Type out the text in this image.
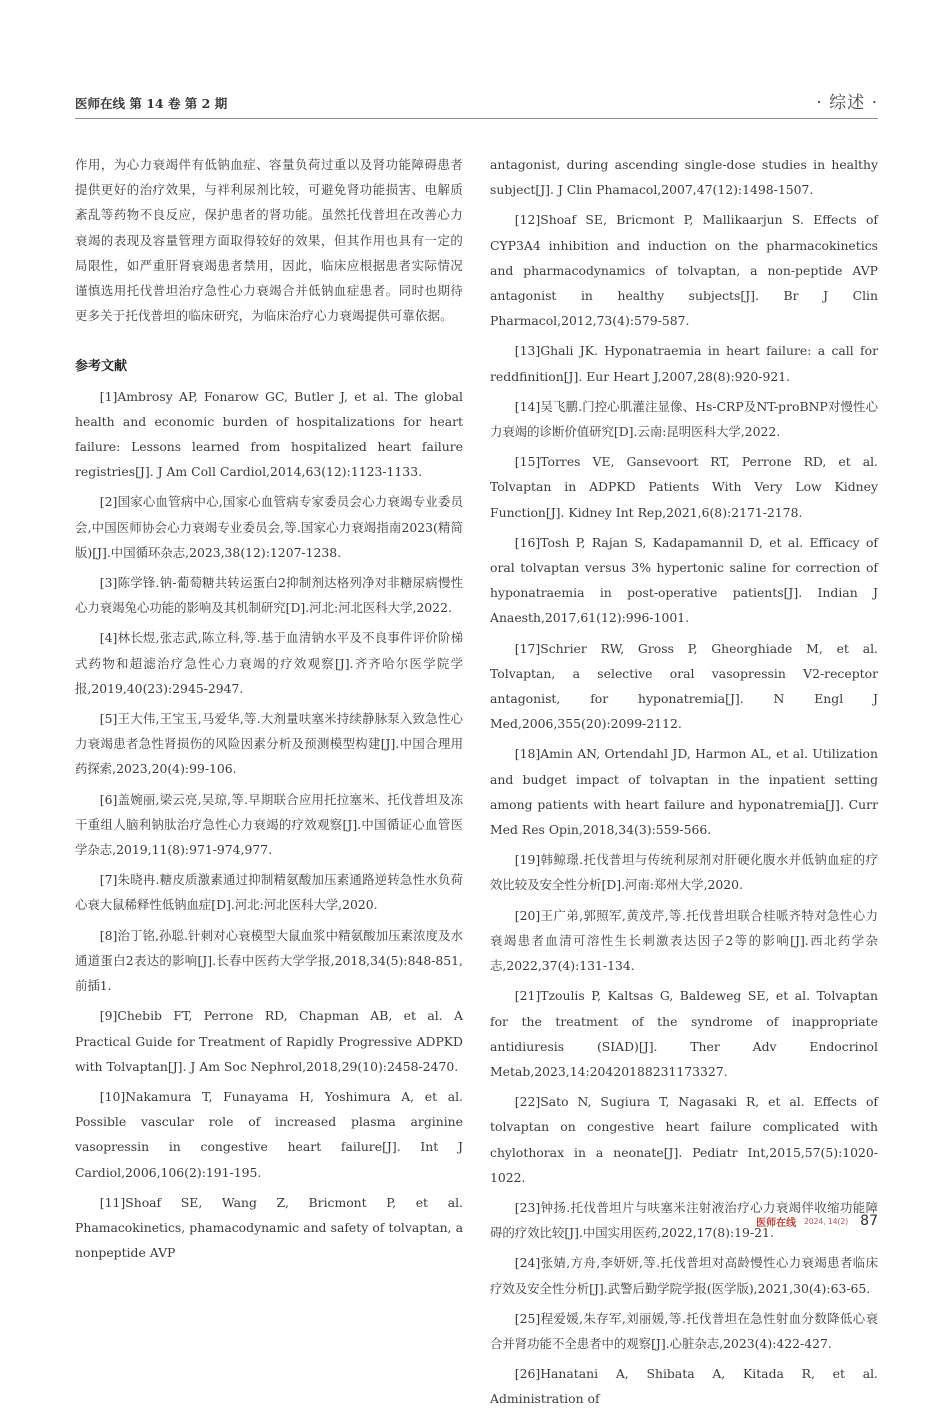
医师在线 第 14 卷 第 2 期	· 综述 ·

作用，为心力衰竭伴有低钠血症、容量负荷过重以及肾功能障碍患者提供更好的治疗效果，与袢利尿剂比较，可避免肾功能损害、电解质紊乱等药物不良反应，保护患者的肾功能。虽然托伐普坦在改善心力衰竭的表现及容量管理方面取得较好的效果，但其作用也具有一定的局限性，如严重肝肾衰竭患者禁用，因此，临床应根据患者实际情况谨慎选用托伐普坦治疗急性心力衰竭合并低钠血症患者。同时也期待更多关于托伐普坦的临床研究，为临床治疗心力衰竭提供可靠依据。

参考文献

[1]Ambrosy AP, Fonarow GC, Butler J, et al. The global health and economic burden of hospitalizations for heart failure: Lessons learned from hospitalized heart failure registries[J]. J Am Coll Cardiol,2014,63(12):1123-1133.

[2]国家心血管病中心,国家心血管病专家委员会心力衰竭专业委员会,中国医师协会心力衰竭专业委员会,等.国家心力衰竭指南2023(精简版)[J].中国循环杂志,2023,38(12):1207-1238.

[3]陈学锋.钠-葡萄糖共转运蛋白2抑制剂达格列净对非糖尿病慢性心力衰竭兔心功能的影响及其机制研究[D].河北:河北医科大学,2022.

[4]林长煜,张志武,陈立科,等.基于血清钠水平及不良事件评价阶梯式药物和超滤治疗急性心力衰竭的疗效观察[J].齐齐哈尔医学院学报,2019,40(23):2945-2947.

[5]王大伟,王宝玉,马爱华,等.大剂量呋塞米持续静脉泵入致急性心力衰竭患者急性肾损伤的风险因素分析及预测模型构建[J].中国合理用药探索,2023,20(4):99-106.

[6]盖婉丽,梁云亮,吴琼,等.早期联合应用托拉塞米、托伐普坦及冻干重组人脑利钠肽治疗急性心力衰竭的疗效观察[J].中国循证心血管医学杂志,2019,11(8):971-974,977.

[7]朱晓冉.糖皮质激素通过抑制精氨酸加压素通路逆转急性水负荷心衰大鼠稀释性低钠血症[D].河北:河北医科大学,2020.

[8]治丁铭,孙聪.针刺对心衰模型大鼠血浆中精氨酸加压素浓度及水通道蛋白2表达的影响[J].长春中医药大学学报,2018,34(5):848-851,前插1.

[9]Chebib FT, Perrone RD, Chapman AB, et al. A Practical Guide for Treatment of Rapidly Progressive ADPKD with Tolvaptan[J]. J Am Soc Nephrol,2018,29(10):2458-2470.

[10]Nakamura T, Funayama H, Yoshimura A, et al. Possible vascular role of increased plasma arginine vasopressin in congestive heart failure[J]. Int J Cardiol,2006,106(2):191-195.

[11]Shoaf SE, Wang Z, Bricmont P, et al. Phamacokinetics, phamacodynamic and safety of tolvaptan, a nonpeptide AVP

antagonist, during ascending single-dose studies in healthy subject[J]. J Clin Phamacol,2007,47(12):1498-1507.

[12]Shoaf SE, Bricmont P, Mallikaarjun S. Effects of CYP3A4 inhibition and induction on the pharmacokinetics and pharmacodynamics of tolvaptan, a non-peptide AVP antagonist in healthy subjects[J]. Br J Clin Pharmacol,2012,73(4):579-587.

[13]Ghali JK. Hyponatraemia in heart failure: a call for reddfinition[J]. Eur Heart J,2007,28(8):920-921.

[14]吴飞鹏.门控心肌灌注显像、Hs-CRP及NT-proBNP对慢性心力衰竭的诊断价值研究[D].云南:昆明医科大学,2022.

[15]Torres VE, Gansevoort RT, Perrone RD, et al. Tolvaptan in ADPKD Patients With Very Low Kidney Function[J]. Kidney Int Rep,2021,6(8):2171-2178.

[16]Tosh P, Rajan S, Kadapamannil D, et al. Efficacy of oral tolvaptan versus 3% hypertonic saline for correction of hyponatraemia in post-operative patients[J]. Indian J Anaesth,2017,61(12):996-1001.

[17]Schrier RW, Gross P, Gheorghiade M, et al. Tolvaptan, a selective oral vasopressin V2-receptor antagonist, for hyponatremia[J]. N Engl J Med,2006,355(20):2099-2112.

[18]Amin AN, Ortendahl JD, Harmon AL, et al. Utilization and budget impact of tolvaptan in the inpatient setting among patients with heart failure and hyponatremia[J]. Curr Med Res Opin,2018,34(3):559-566.

[19]韩鲸璟.托伐普坦与传统利尿剂对肝硬化腹水并低钠血症的疗效比较及安全性分析[D].河南:郑州大学,2020.

[20]王广弟,郭照军,黄茂芹,等.托伐普坦联合桂哌齐特对急性心力衰竭患者血清可溶性生长刺激表达因子2等的影响[J].西北药学杂志,2022,37(4):131-134.

[21]Tzoulis P, Kaltsas G, Baldeweg SE, et al. Tolvaptan for the treatment of the syndrome of inappropriate antidiuresis (SIAD)[J]. Ther Adv Endocrinol Metab,2023,14:20420188231173327.

[22]Sato N, Sugiura T, Nagasaki R, et al. Effects of tolvaptan on congestive heart failure complicated with chylothorax in a neonate[J]. Pediatr Int,2015,57(5):1020-1022.

[23]钟扬.托伐普坦片与呋塞米注射液治疗心力衰竭伴收缩功能障碍的疗效比较[J].中国实用医药,2022,17(8):19-21.

[24]张婧,方舟,李妍妍,等.托伐普坦对高龄慢性心力衰竭患者临床疗效及安全性分析[J].武警后勤学院学报(医学版),2021,30(4):63-65.

[25]程爱媛,朱存军,刘丽媛,等.托伐普坦在急性射血分数降低心衰合并肾功能不全患者中的观察[J].心脏杂志,2023(4):422-427.

[26]Hanatani A, Shibata A, Kitada R, et al. Administration of

医师在线 2024, 14(2) 87
